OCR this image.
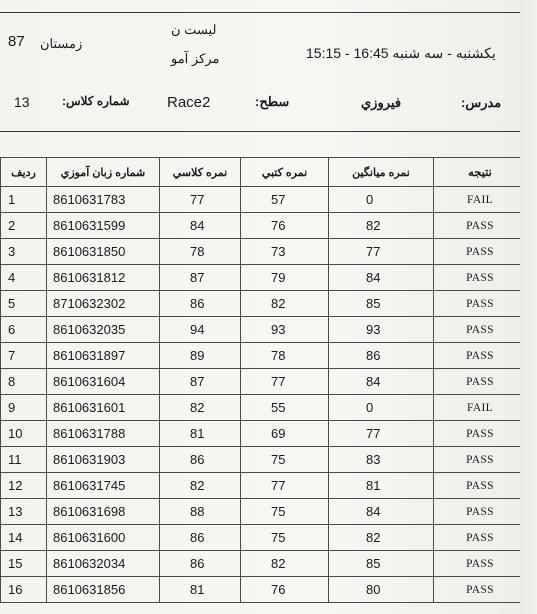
لیست ن
مرکز آمو
87 زمستان
یکشنبه - سه شنبه 16:45 - 15:15
13	شماره کلاس: Race2	سطح:	فیروزي	مدرس:
ردیف	شماره زبان آموزي	نمره کلاسي	نمره کتبي	نمره میانگین	نتیجه
1	8610631783	77	57	0	FAIL
2	8610631599	84	76	82	PASS
3	8610631850	78	73	77	PASS
4	8610631812	87	79	84	PASS
5	8710632302	86	82	85	PASS
6	8610632035	94	93	93	PASS
7	8610631897	89	78	86	PASS
8	8610631604	87	77	84	PASS
9	8610631601	82	55	0	FAIL
10	8610631788	81	69	77	PASS
11	8610631903	86	75	83	PASS
12	8610631745	82	77	81	PASS
13	8610631698	88	75	84	PASS
14	8610631600	86	75	82	PASS
15	8610632034	86	82	85	PASS
16	8610631856	81	76	80	PASS
